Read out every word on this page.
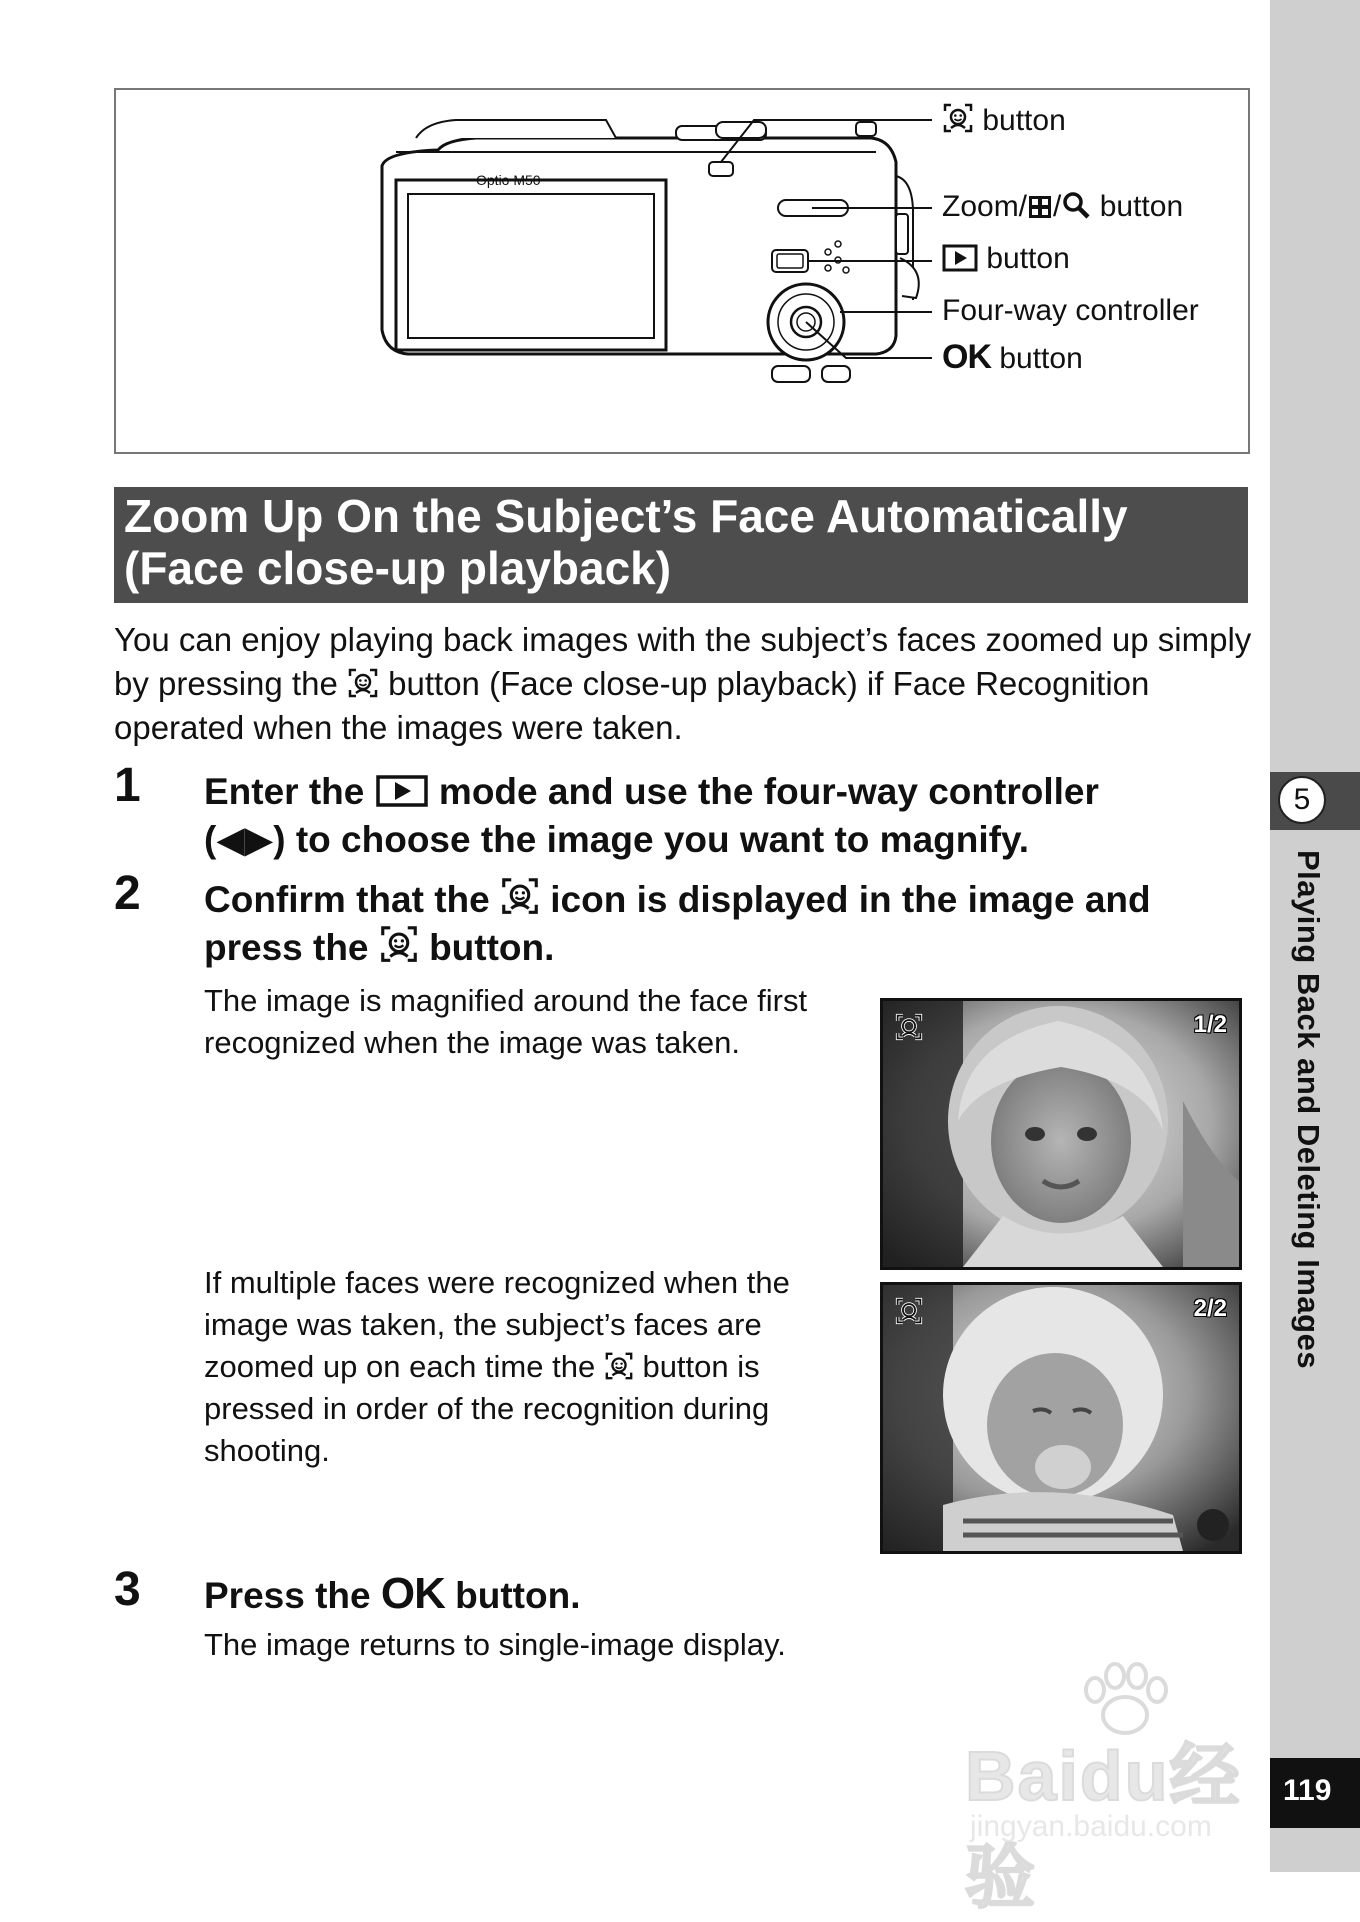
5
Playing Back and Deleting Images
119
Optio M50
button
Zoom/ / button
button
Four-way controller
OK button
Zoom Up On the Subject’s Face Automatically
(Face close-up playback)
You can enjoy playing back images with the subject’s faces zoomed up simply by pressing the button (Face close-up playback) if Face Recognition operated when the images were taken.
1 Enter the mode and use the four-way controller
(◀▶) to choose the image you want to magnify.
2 Confirm that the icon is displayed in the image and
press the button.
The image is magnified around the face first recognized when the image was taken.
If multiple faces were recognized when the image was taken, the subject’s faces are zoomed up on each time the button is pressed in order of the recognition during shooting.
1/2
2/2
3 Press the OK button.
The image returns to single-image display.
Baidu经验
jingyan.baidu.com
